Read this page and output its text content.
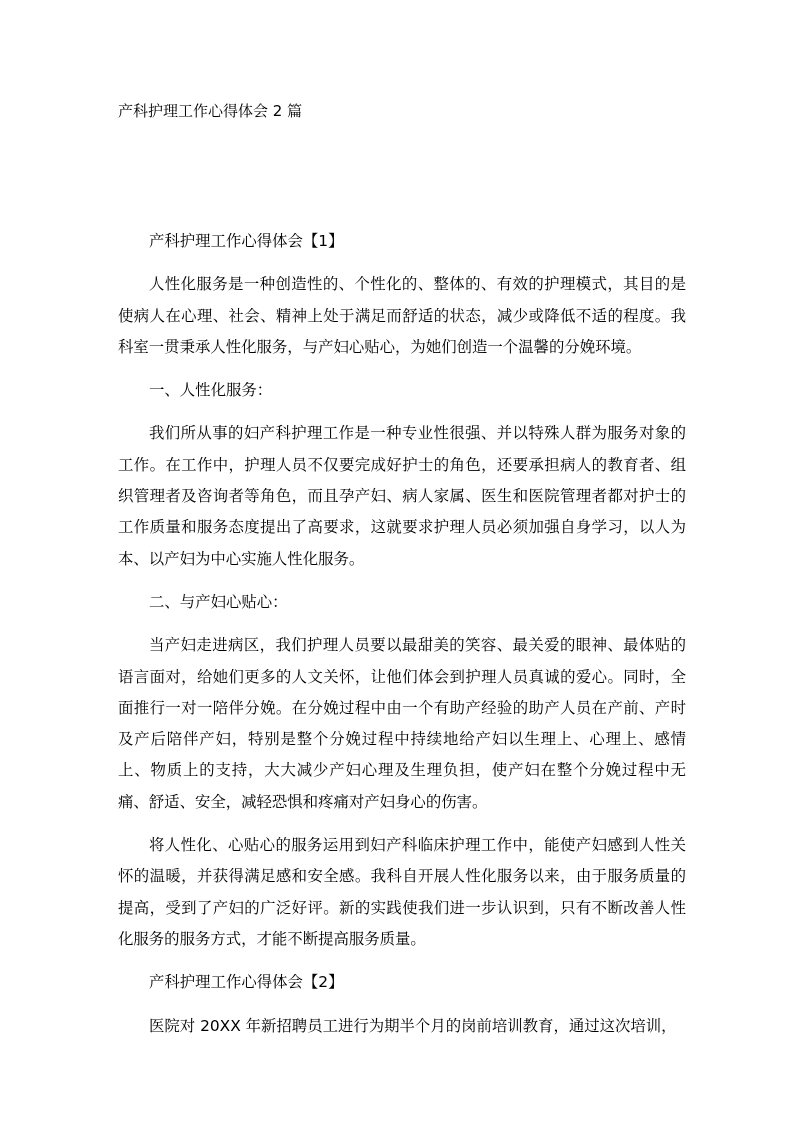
产科护理工作心得体会 2 篇
产科护理工作心得体会【1】

人性化服务是一种创造性的、个性化的、整体的、有效的护理模式，其目的是使病人在心理、社会、精神上处于满足而舒适的状态，减少或降低不适的程度。我科室一贯秉承人性化服务，与产妇心贴心，为她们创造一个温馨的分娩环境。

一、人性化服务：

我们所从事的妇产科护理工作是一种专业性很强、并以特殊人群为服务对象的工作。在工作中，护理人员不仅要完成好护士的角色，还要承担病人的教育者、组织管理者及咨询者等角色，而且孕产妇、病人家属、医生和医院管理者都对护士的工作质量和服务态度提出了高要求，这就要求护理人员必须加强自身学习，以人为本、以产妇为中心实施人性化服务。

二、与产妇心贴心：

当产妇走进病区，我们护理人员要以最甜美的笑容、最关爱的眼神、最体贴的语言面对，给她们更多的人文关怀，让他们体会到护理人员真诚的爱心。同时，全面推行一对一陪伴分娩。在分娩过程中由一个有助产经验的助产人员在产前、产时及产后陪伴产妇，特别是整个分娩过程中持续地给产妇以生理上、心理上、感情上、物质上的支持，大大减少产妇心理及生理负担，使产妇在整个分娩过程中无痛、舒适、安全，减轻恐惧和疼痛对产妇身心的伤害。

将人性化、心贴心的服务运用到妇产科临床护理工作中，能使产妇感到人性关怀的温暖，并获得满足感和安全感。我科自开展人性化服务以来，由于服务质量的提高，受到了产妇的广泛好评。新的实践使我们进一步认识到，只有不断改善人性化服务的服务方式，才能不断提高服务质量。

产科护理工作心得体会【2】

医院对 20XX 年新招聘员工进行为期半个月的岗前培训教育，通过这次培训，
